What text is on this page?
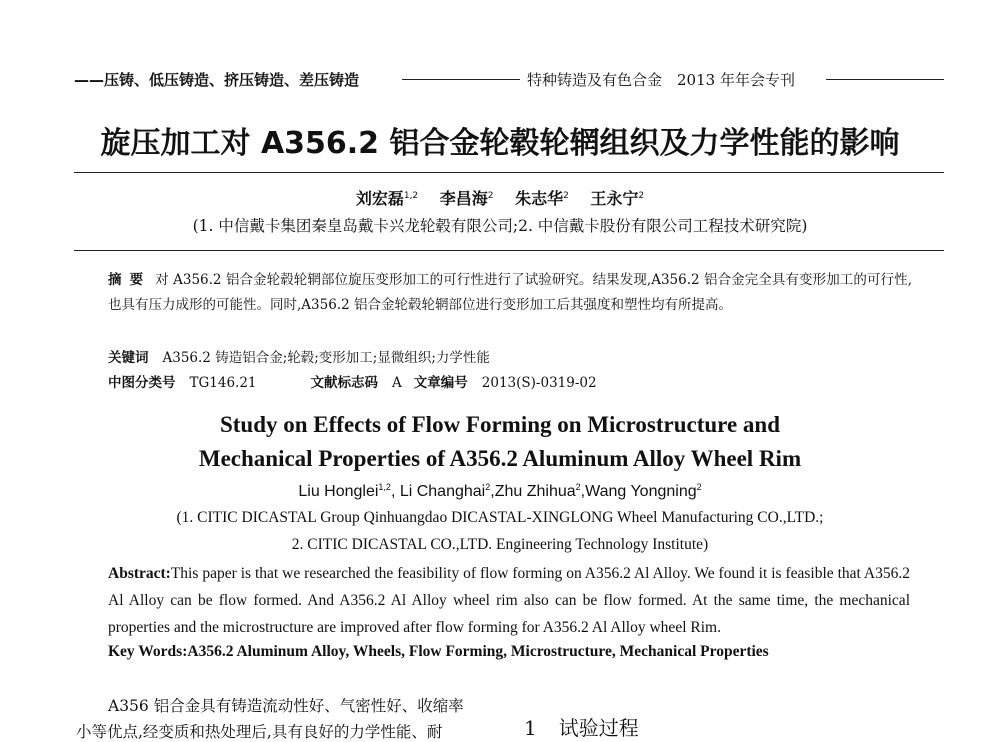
——压铸、低压铸造、挤压铸造、差压铸造	特种铸造及有色合金　2013 年年会专刊
旋压加工对 A356.2 铝合金轮毂轮辋组织及力学性能的影响
刘宏磊$^{1,2}$ 李昌海$^2$ 朱志华$^2$ 王永宁$^2$
(1. 中信戴卡集团秦皇岛戴卡兴龙轮毂有限公司;2. 中信戴卡股份有限公司工程技术研究院)
摘要 对 A356.2 铝合金轮毂轮辋部位旋压变形加工的可行性进行了试验研究。结果发现,A356.2 铝合金完全具有变形加工的可行性,也具有压力成形的可能性。同时,A356.2 铝合金轮毂轮辋部位进行变形加工后其强度和塑性均有所提高。
关键词 A356.2 铸造铝合金;轮毂;变形加工;显微组织;力学性能
中图分类号 TG146.21	文献标志码 A 文章编号 2013(S)-0319-02
Study on Effects of Flow Forming on Microstructure and
Mechanical Properties of A356.2 Aluminum Alloy Wheel Rim
Liu Honglei$^{1,2}$, Li Changhai$^2$,Zhu Zhihua$^2$,Wang Yongning$^2$
(1. CITIC DICASTAL Group Qinhuangdao DICASTAL-XINGLONG Wheel Manufacturing CO.,LTD.;
2. CITIC DICASTAL CO.,LTD. Engineering Technology Institute)
Abstract:This paper is that we researched the feasibility of flow forming on A356.2 Al Alloy. We found it is feasible that A356.2 Al Alloy can be flow formed. And A356.2 Al Alloy wheel rim also can be flow formed. At the same time, the mechanical properties and the microstructure are improved after flow forming for A356.2 Al Alloy wheel Rim.
Key Words:A356.2 Aluminum Alloy, Wheels, Flow Forming, Microstructure, Mechanical Properties
A356 铝合金具有铸造流动性好、气密性好、收缩率
小等优点,经变质和热处理后,具有良好的力学性能、耐	1 试验过程
